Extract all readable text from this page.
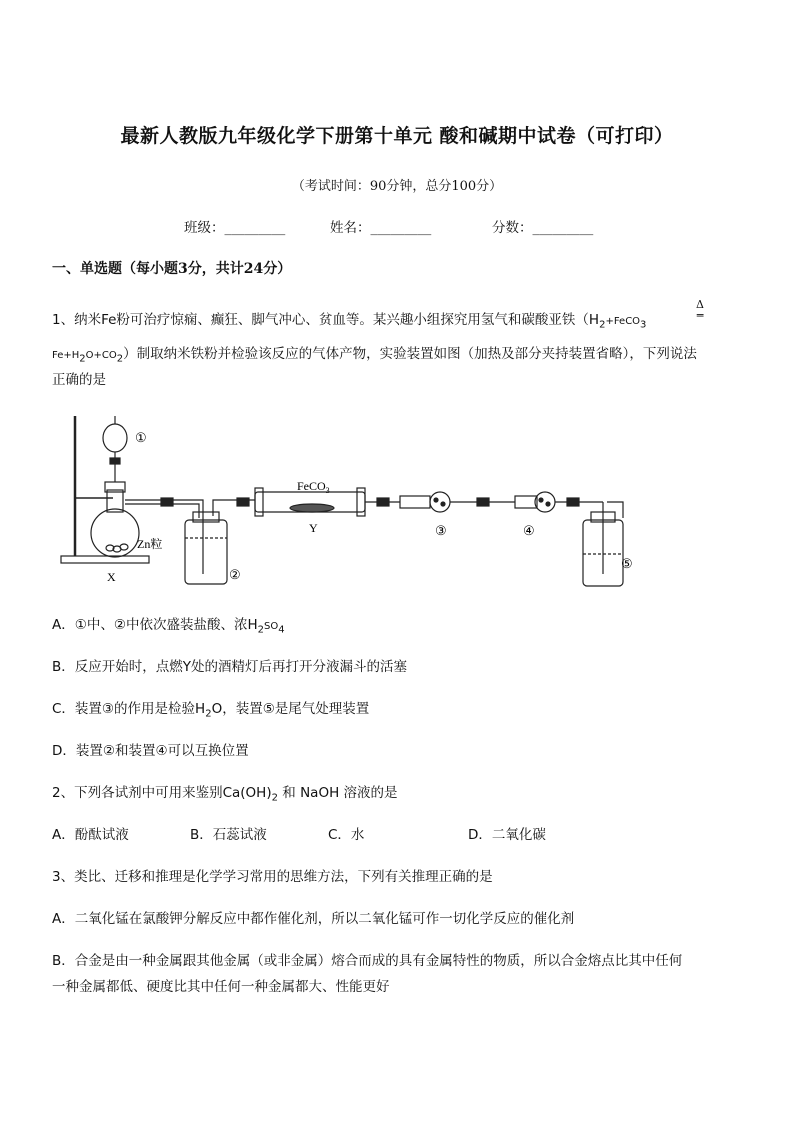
最新人教版九年级化学下册第十单元 酸和碱期中试卷（可打印）
（考试时间：90分钟，总分100分）
班级：_________	姓名：_________	分数：_________
一、单选题（每小题3分，共计24分）
1、纳米Fe粉可治疗惊痫、癫狂、脚气冲心、贫血等。某兴趣小组探究用氢气和碳酸亚铁（$H_2+FeCO_3$
Δ
═
$Fe+H_2O+CO_2$）制取纳米铁粉并检验该反应的气体产物，实验装置如图（加热及部分夹持装置省略），下列说法
正确的是
①
②
③	④
⑤
FeCO$_3$
Y
X
Zn粒
A．①中、②中依次盛装盐酸、浓$H_2SO_4$
B．反应开始时，点燃Y处的酒精灯后再打开分液漏斗的活塞
C．装置③的作用是检验$H_2O$，装置⑤是尾气处理装置
D．装置②和装置④可以互换位置
2、下列各试剂中可用来鉴别$Ca(OH)_2$ 和 NaOH 溶液的是
A．酚酞试液	B．石蕊试液	C．水	D．二氧化碳
3、类比、迁移和推理是化学学习常用的思维方法，下列有关推理正确的是
A．二氧化锰在氯酸钾分解反应中都作催化剂，所以二氧化锰可作一切化学反应的催化剂
B．合金是由一种金属跟其他金属（或非金属）熔合而成的具有金属特性的物质，所以合金熔点比其中任何
一种金属都低、硬度比其中任何一种金属都大、性能更好
